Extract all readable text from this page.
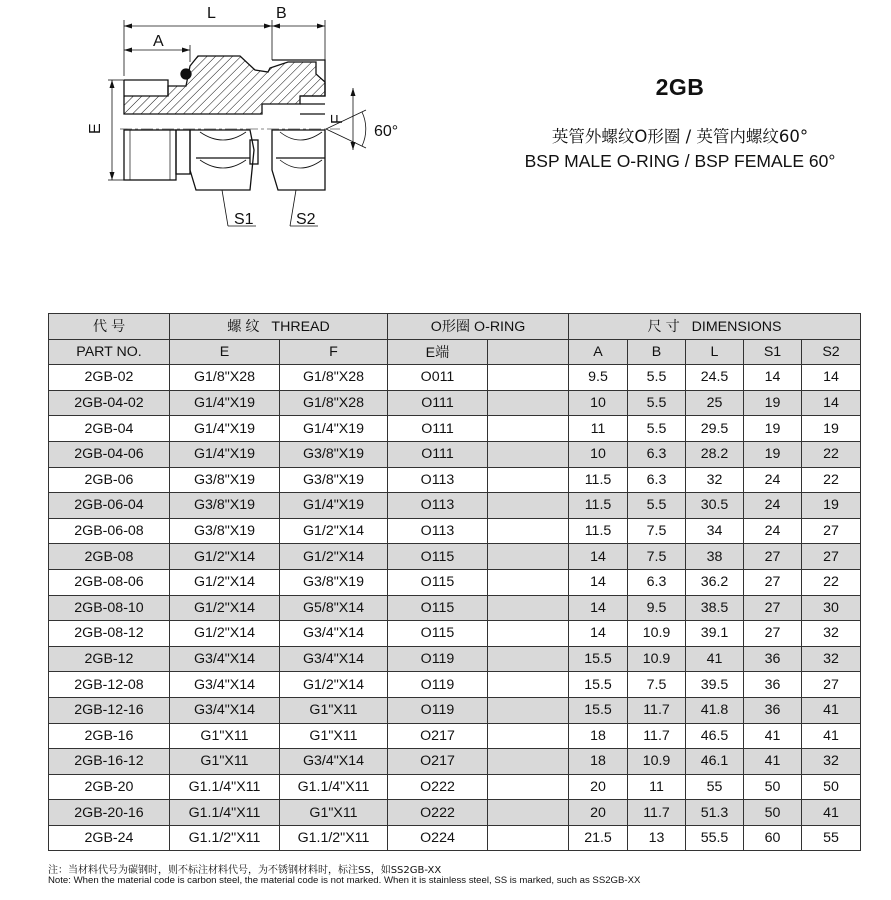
L	B
A
E
F
60°
S1	S2
2GB
英管外螺纹O形圈 / 英管内螺纹60°
BSP MALE O-RING / BSP FEMALE 60°
代 号	螺 纹 THREAD		O形圈 O-RING		尺 寸 DIMENSIONS				
PART NO.	E	F	E端		A	B	L	S1	S2
2GB-02	G1/8"X28	G1/8"X28	O011		9.5	5.5	24.5	14	14
2GB-04-02	G1/4"X19	G1/8"X28	O111		10	5.5	25	19	14
2GB-04	G1/4"X19	G1/4"X19	O111		11	5.5	29.5	19	19
2GB-04-06	G1/4"X19	G3/8"X19	O111		10	6.3	28.2	19	22
2GB-06	G3/8"X19	G3/8"X19	O113		11.5	6.3	32	24	22
2GB-06-04	G3/8"X19	G1/4"X19	O113		11.5	5.5	30.5	24	19
2GB-06-08	G3/8"X19	G1/2"X14	O113		11.5	7.5	34	24	27
2GB-08	G1/2"X14	G1/2"X14	O115		14	7.5	38	27	27
2GB-08-06	G1/2"X14	G3/8"X19	O115		14	6.3	36.2	27	22
2GB-08-10	G1/2"X14	G5/8"X14	O115		14	9.5	38.5	27	30
2GB-08-12	G1/2"X14	G3/4"X14	O115		14	10.9	39.1	27	32
2GB-12	G3/4"X14	G3/4"X14	O119		15.5	10.9	41	36	32
2GB-12-08	G3/4"X14	G1/2"X14	O119		15.5	7.5	39.5	36	27
2GB-12-16	G3/4"X14	G1"X11	O119		15.5	11.7	41.8	36	41
2GB-16	G1"X11	G1"X11	O217		18	11.7	46.5	41	41
2GB-16-12	G1"X11	G3/4"X14	O217		18	10.9	46.1	41	32
2GB-20	G1.1/4"X11	G1.1/4"X11	O222		20	11	55	50	50
2GB-20-16	G1.1/4"X11	G1"X11	O222		20	11.7	51.3	50	41
2GB-24	G1.1/2"X11	G1.1/2"X11	O224		21.5	13	55.5	60	55
注：当材料代号为碳钢时，则不标注材料代号，为不锈钢材料时，标注SS，如SS2GB-XX
Note: When the material code is carbon steel, the material code is not marked. When it is stainless steel, SS is marked, such as SS2GB-XX
